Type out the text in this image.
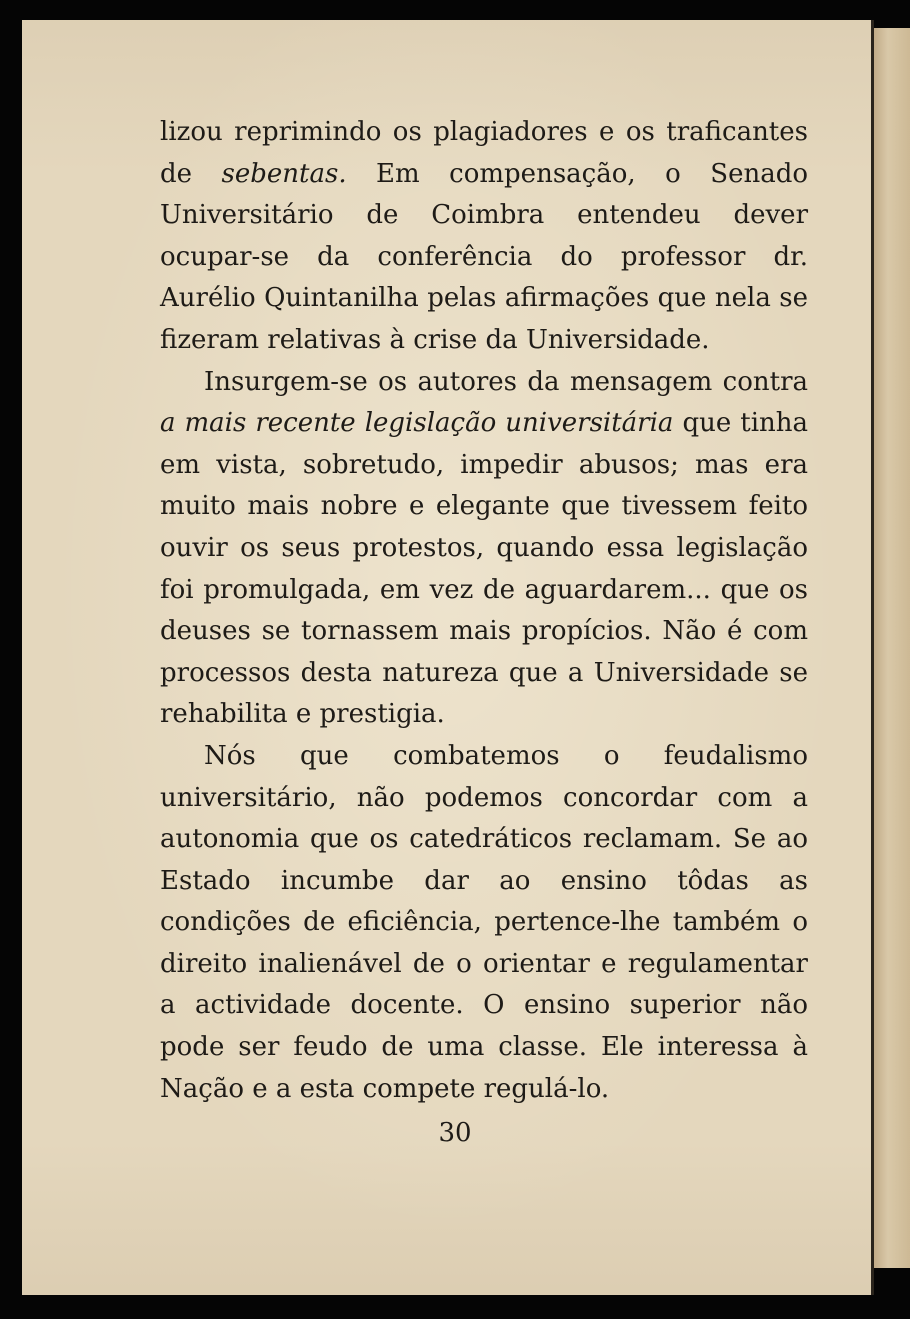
lizou reprimindo os plagiadores e os traficantes de sebentas. Em compensação, o Senado Universitário de Coimbra entendeu dever ocupar-se da conferência do professor dr. Aurélio Quintanilha pelas afirmações que nela se fizeram relativas à crise da Universidade.

Insurgem-se os autores da mensagem contra a mais recente legislação universitária que tinha em vista, sobretudo, impedir abusos; mas era muito mais nobre e elegante que tivessem feito ouvir os seus protestos, quando essa legislação foi promulgada, em vez de aguardarem... que os deuses se tornassem mais propícios. Não é com processos desta natureza que a Universidade se rehabilita e prestigia.

Nós que combatemos o feudalismo universitário, não podemos concordar com a autonomia que os catedráticos reclamam. Se ao Estado incumbe dar ao ensino tôdas as condições de eficiência, pertence-lhe também o direito inalienável de o orientar e regulamentar a actividade docente. O ensino superior não pode ser feudo de uma classe. Ele interessa à Nação e a esta compete regulá-lo.

30
